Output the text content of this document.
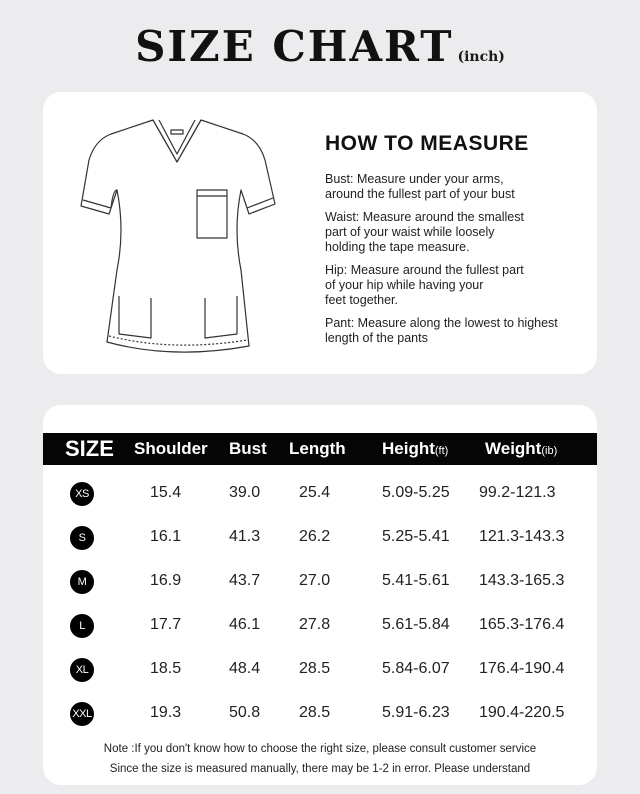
SIZE CHART (inch)
HOW TO MEASURE
Bust: Measure under your arms,
around the fullest part of your bust
Waist: Measure around the smallest
part of your waist while loosely
holding the tape measure.
Hip: Measure around the fullest part
of your hip while having your
feet together.
Pant: Measure along the lowest to highest
length of the pants
SIZE Shoulder Bust Length Height(ft) Weight(ib)
XS	15.4	39.0 25.4	5.09-5.25 99.2-121.3
S	16.1	41.3 26.2	5.25-5.41 121.3-143.3
M	16.9	43.7 27.0	5.41-5.61 143.3-165.3
L	17.7	46.1 27.8	5.61-5.84 165.3-176.4
XL	18.5	48.4 28.5	5.84-6.07 176.4-190.4
XXL	19.3	50.8 28.5	5.91-6.23 190.4-220.5
Note :If you don't know how to choose the right size, please consult customer service
Since the size is measured manually, there may be 1-2 in error. Please understand
